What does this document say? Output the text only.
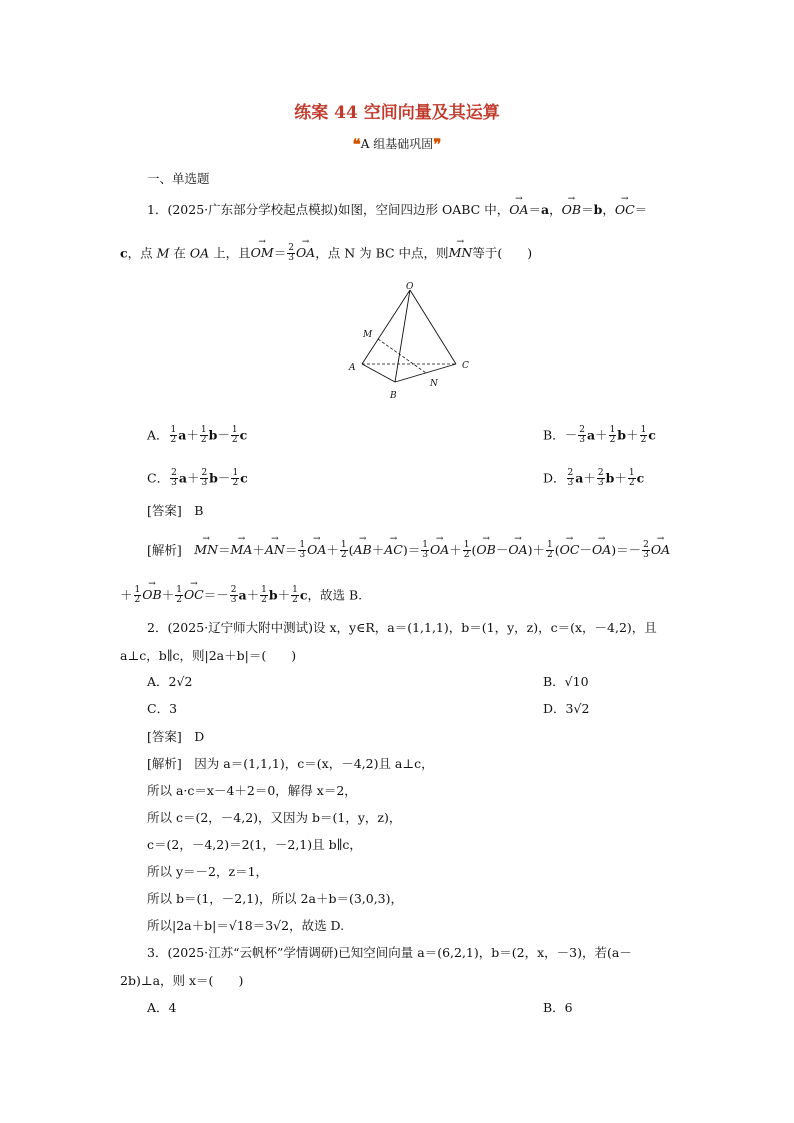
练案 44 空间向量及其运算
❝A 组基础巩固❞
一、单选题
1．(2025·广东部分学校起点模拟)如图，空间四边形 OABC 中，→ OA＝a，→ OB＝b，→ OC＝
c，点 M 在 OA 上，且→ $OM= \frac{2}{3}$
→ OA，点 N 为 BC 中点，则→ MN等于(　　)
O
M
A
B
C
N
A． $\frac{1}{2} a+ \frac{1}{2} b- \frac{1}{2}$ c	B．－ $\frac{2}{3} a+ \frac{1}{2} b+ \frac{1}{2}$ c
C． $\frac{2}{3} a+ \frac{2}{3} b- \frac{1}{2}$ c	D． $\frac{2}{3} a+ \frac{2}{3} b+ \frac{1}{2}$ c
[答案]　 B
[解析]　→ $MN=\to MA+\to AN= \frac{1}{3}$
→ $OA+ \frac{1}{2}$ (→ $AB+\to AC)= \frac{1}{3}$
→ $OA+ \frac{1}{2}$ (→ $OB-\to OA)+ \frac{1}{2}$ (→ $OC-\to OA)=- \frac{2}{3}$
→ OA
＋ $\frac{1}{2}$
→ $OB+ \frac{1}{2}$
→ $OC=- \frac{2}{3} a+ \frac{1}{2} b+ \frac{1}{2}$ c，故选 B.
2．(2025·辽宁师大附中测试)设 x，y∈R，a＝(1,1,1)，b＝(1，y，z)，c＝(x，－4,2)，且
a⊥c，b∥c，则|2a＋b|＝(　　)
A．2√2	B．√10
C．3	D．3√2
[答案]　 D
[解析]　 因为 a＝(1,1,1)，c＝(x，－4,2)且 a⊥c，
所以 a·c＝x－4＋2＝0，解得 x＝2，
所以 c＝(2，－4,2)，又因为 b＝(1，y，z)，
c＝(2，－4,2)＝2(1，－2,1)且 b∥c，
所以 y＝－2，z＝1，
所以 b＝(1，－2,1)，所以 2a＋b＝(3,0,3)，
所以|2a＋b|＝√18＝3√2，故选 D.
3．(2025·江苏“云帆杯”学情调研)已知空间向量 a＝(6,2,1)，b＝(2，x，－3)，若(a－
2b)⊥a，则 x＝(　　)
A．4	B．6
